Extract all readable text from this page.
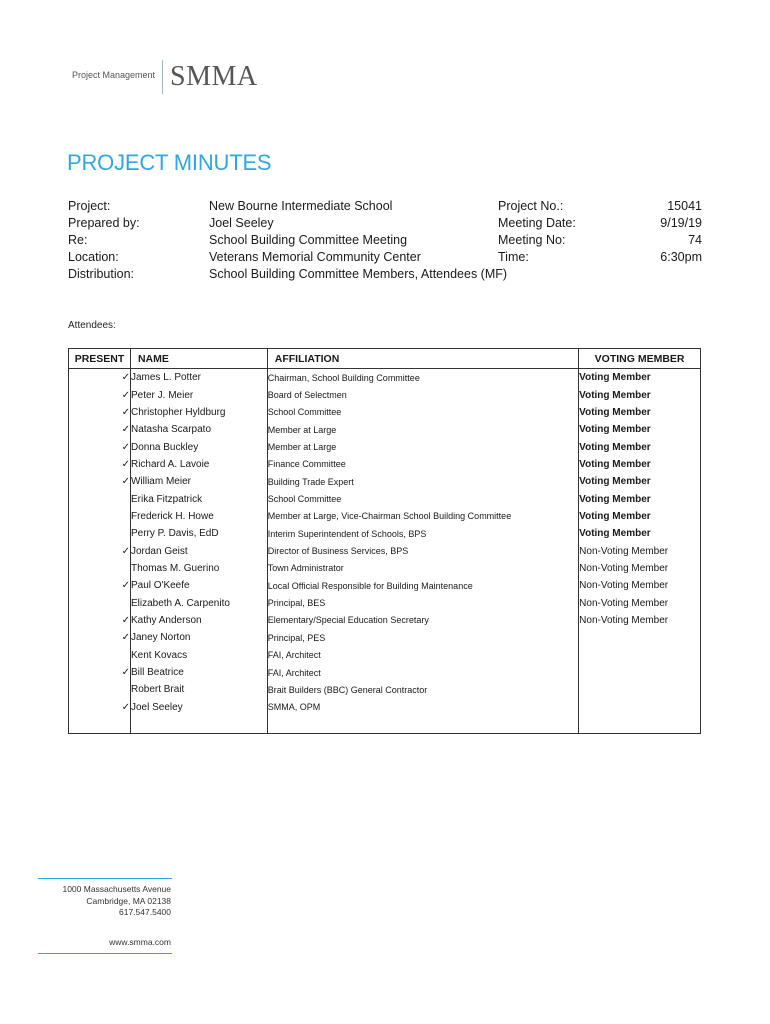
Project Management SMMA
PROJECT MINUTES
Project:	New Bourne Intermediate School	Project No.:	15041
Prepared by:	Joel Seeley	Meeting Date:	9/19/19
Re:	School Building Committee Meeting	Meeting No:	74
Location:	Veterans Memorial Community Center	Time:	6:30pm
Distribution:	School Building Committee Members, Attendees (MF)
Attendees:
PRESENT	NAME	AFFILIATION	VOTING MEMBER
✓	James L. Potter	Chairman, School Building Committee	Voting Member
✓	Peter J. Meier	Board of Selectmen	Voting Member
✓	Christopher Hyldburg	School Committee	Voting Member
✓	Natasha Scarpato	Member at Large	Voting Member
✓	Donna Buckley	Member at Large	Voting Member
✓	Richard A. Lavoie	Finance Committee	Voting Member
✓	William Meier	Building Trade Expert	Voting Member
	Erika Fitzpatrick	School Committee	Voting Member
	Frederick H. Howe	Member at Large, Vice-Chairman School Building Committee	Voting Member
	Perry P. Davis, EdD	Interim Superintendent of Schools, BPS	Voting Member
✓	Jordan Geist	Director of Business Services, BPS	Non-Voting Member
	Thomas M. Guerino	Town Administrator	Non-Voting Member
✓	Paul O'Keefe	Local Official Responsible for Building Maintenance	Non-Voting Member
	Elizabeth A. Carpenito	Principal, BES	Non-Voting Member
✓	Kathy Anderson	Elementary/Special Education Secretary	Non-Voting Member
✓	Janey Norton	Principal, PES	
	Kent Kovacs	FAI, Architect	
✓	Bill Beatrice	FAI, Architect	
	Robert Brait	Brait Builders (BBC) General Contractor	
✓	Joel Seeley	SMMA, OPM	

1000 Massachusetts Avenue
Cambridge, MA 02138
617.547.5400
www.smma.com
